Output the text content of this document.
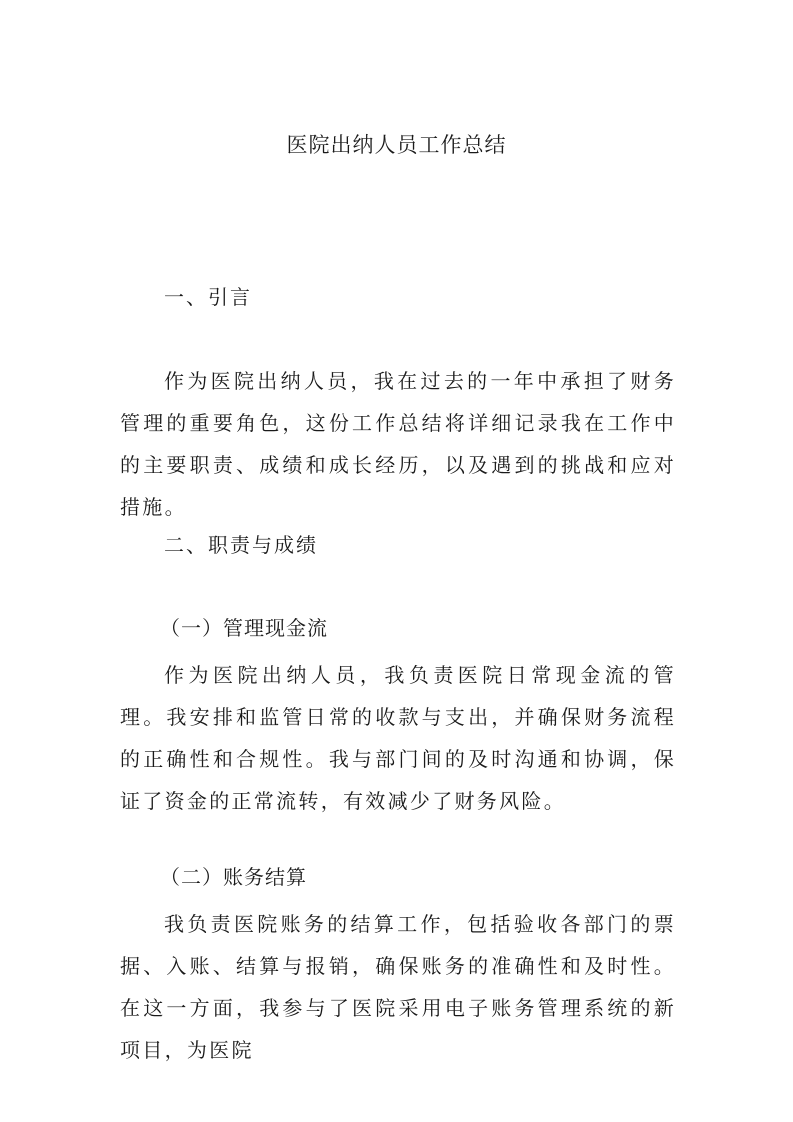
医院出纳人员工作总结
一、引言

作为医院出纳人员，我在过去的一年中承担了财务管理的重要角色，这份工作总结将详细记录我在工作中的主要职责、成绩和成长经历，以及遇到的挑战和应对措施。

二、职责与成绩
（一）管理现金流

作为医院出纳人员，我负责医院日常现金流的管理。我安排和监管日常的收款与支出，并确保财务流程的正确性和合规性。我与部门间的及时沟通和协调，保证了资金的正常流转，有效减少了财务风险。

（二）账务结算

我负责医院账务的结算工作，包括验收各部门的票据、入账、结算与报销，确保账务的准确性和及时性。在这一方面，我参与了医院采用电子账务管理系统的新项目，为医院
